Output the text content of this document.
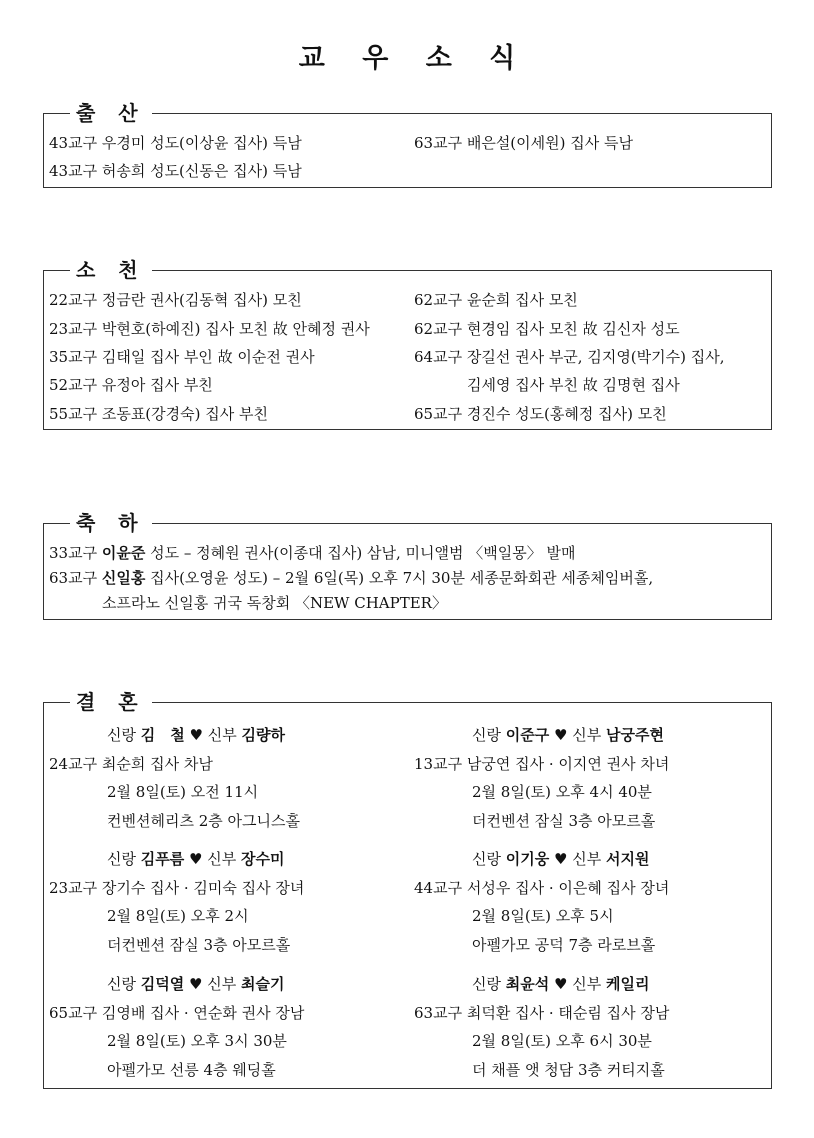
교 우 소 식
출 산
43교구 우경미 성도(이상윤 집사) 득남
43교구 허송희 성도(신동은 집사) 득남
63교구 배은설(이세원) 집사 득남
소 천
22교구 정금란 권사(김동혁 집사) 모친
23교구 박현호(하예진) 집사 모친 故 안혜정 권사
35교구 김태일 집사 부인 故 이순전 권사
52교구 유정아 집사 부친
55교구 조동표(강경숙) 집사 부친
62교구 윤순희 집사 모친
62교구 현경임 집사 모친 故 김신자 성도
64교구 장길선 권사 부군, 김지영(박기수) 집사,
김세영 집사 부친 故 김명현 집사
65교구 경진수 성도(홍혜정 집사) 모친
축 하
33교구 이윤준 성도 – 정혜원 권사(이종대 집사) 삼남, 미니앨범 〈백일몽〉 발매
63교구 신일홍 집사(오영윤 성도) – 2월 6일(목) 오후 7시 30분 세종문화회관 세종체임버홀,
소프라노 신일홍 귀국 독창회 〈NEW CHAPTER〉
결 혼
신랑 김　철 ♥ 신부 김량하
24교구 최순희 집사 차남
2월 8일(토) 오전 11시
컨벤션헤리츠 2층 아그니스홀
신랑 이준구 ♥ 신부 남궁주현
13교구 남궁연 집사 · 이지연 권사 차녀
2월 8일(토) 오후 4시 40분
더컨벤션 잠실 3층 아모르홀
신랑 김푸름 ♥ 신부 장수미
23교구 장기수 집사 · 김미숙 집사 장녀
2월 8일(토) 오후 2시
더컨벤션 잠실 3층 아모르홀
신랑 이기웅 ♥ 신부 서지원
44교구 서성우 집사 · 이은혜 집사 장녀
2월 8일(토) 오후 5시
아펠가모 공덕 7층 라로브홀
신랑 김덕열 ♥ 신부 최슬기
65교구 김영배 집사 · 연순화 권사 장남
2월 8일(토) 오후 3시 30분
아펠가모 선릉 4층 웨딩홀
신랑 최윤석 ♥ 신부 케일리
63교구 최덕환 집사 · 태순림 집사 장남
2월 8일(토) 오후 6시 30분
더 채플 앳 청담 3층 커티지홀
